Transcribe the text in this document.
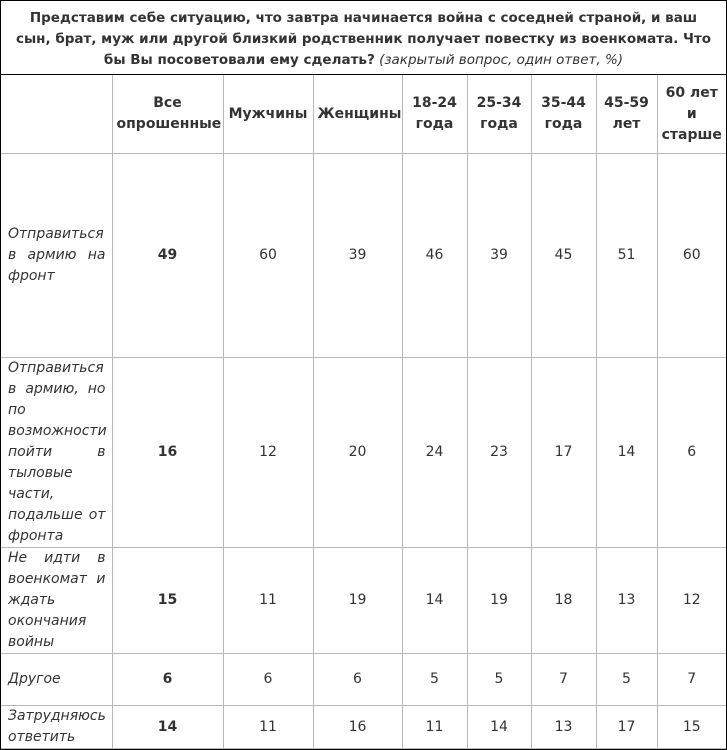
Представим себе ситуацию, что завтра начинается война с соседней страной, и ваш сын, брат, муж или другой близкий родственник получает повестку из военкомата. Что бы Вы посоветовали ему сделать? (закрытый вопрос, один ответ, %)
	Все опрошенные	Мужчины	Женщины	18-24 года	25-34 года	35-44 года	45-59 лет	60 лет и старше
Отправиться в армию на фронт	49	60	39	46	39	45	51	60
Отправиться в армию, но по возможности пойти в тыловые части, подальше от фронта	16	12	20	24	23	17	14	6
Не идти в военкомат и ждать окончания войны	15	11	19	14	19	18	13	12
Другое	6	6	6	5	5	7	5	7
Затрудняюсь ответить	14	11	16	11	14	13	17	15
